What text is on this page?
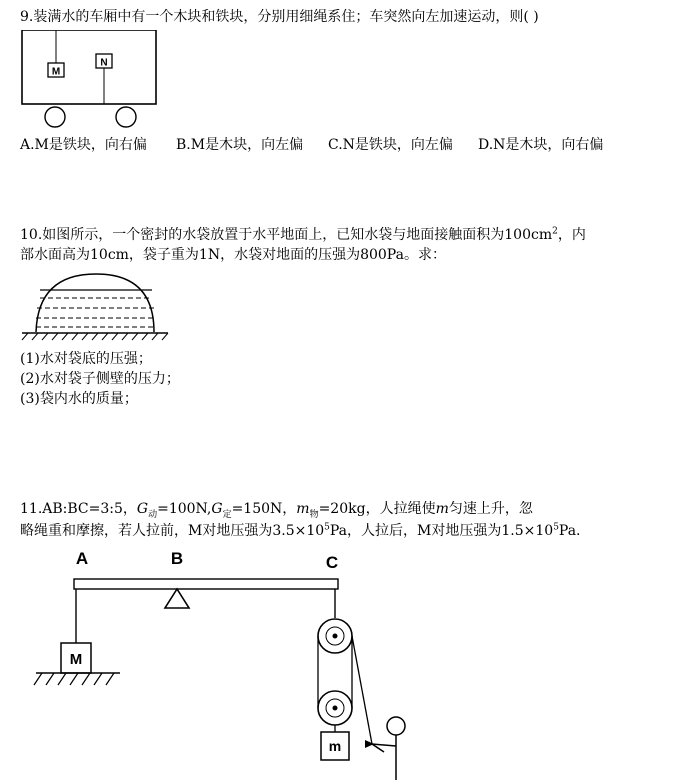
9.装满水的车厢中有一个木块和铁块，分别用细绳系住；车突然向左加速运动，则( )
M
N
A.M是铁块，向右偏 B.M是木块，向左偏 C.N是铁块，向左偏 D.N是木块，向右偏
10.如图所示，一个密封的水袋放置于水平地面上，已知水袋与地面接触面积为$100cm^2$，内
部水面高为10cm，袋子重为1N，水袋对地面的压强为800Pa。求：
(1)水对袋底的压强；
(2)水对袋子侧壁的压力；
(3)袋内水的质量；
11.AB:BC=3:5，$G_动=100N,G_定=150N$，$m_物=20kg$，人拉绳使m匀速上升，忽
略绳重和摩擦，若人拉前，M对地压强为$3.5\times 10^5Pa$，人拉后，M对地压强为$1.5\times 10^5Pa$.
A	B	C
M
m
